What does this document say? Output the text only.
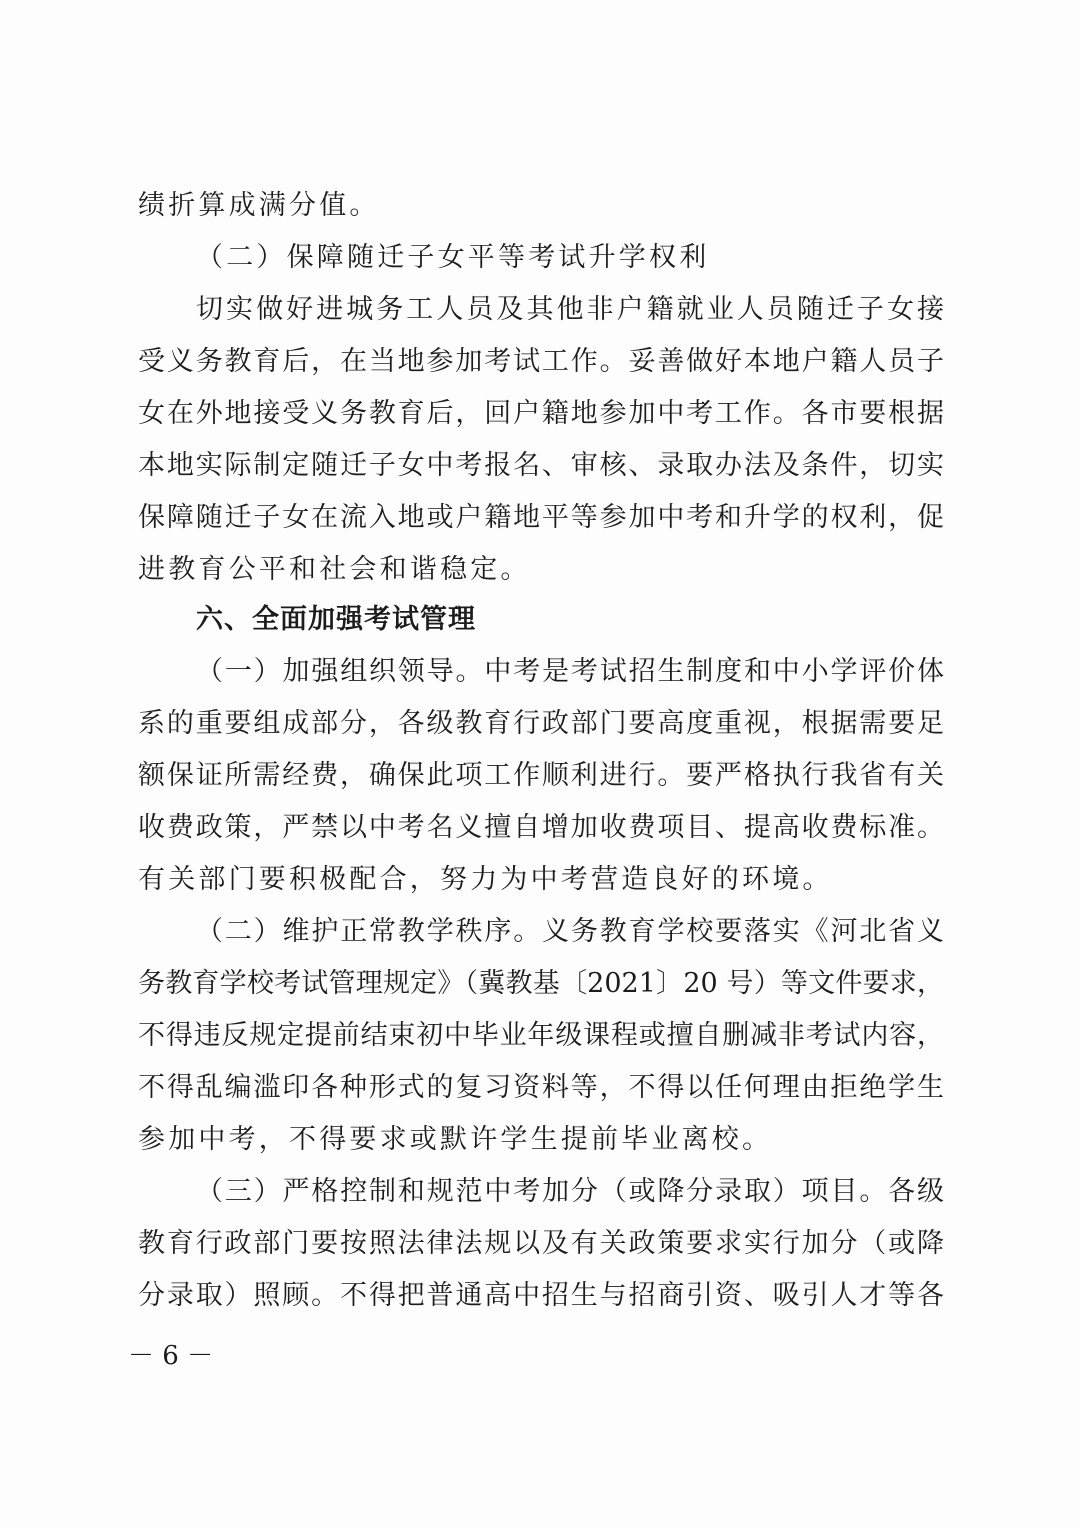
绩折算成满分值。
（二）保障随迁子女平等考试升学权利
切实做好进城务工人员及其他非户籍就业人员随迁子女接
受义务教育后，在当地参加考试工作。妥善做好本地户籍人员子
女在外地接受义务教育后，回户籍地参加中考工作。各市要根据
本地实际制定随迁子女中考报名、审核、录取办法及条件，切实
保障随迁子女在流入地或户籍地平等参加中考和升学的权利，促
进教育公平和社会和谐稳定。
六、全面加强考试管理
（一）加强组织领导。中考是考试招生制度和中小学评价体
系的重要组成部分，各级教育行政部门要高度重视，根据需要足
额保证所需经费，确保此项工作顺利进行。要严格执行我省有关
收费政策，严禁以中考名义擅自增加收费项目、提高收费标准。
有关部门要积极配合，努力为中考营造良好的环境。
（二）维护正常教学秩序。义务教育学校要落实《河北省义
务教育学校考试管理规定》（冀教基〔2021〕20 号）等文件要求，
不得违反规定提前结束初中毕业年级课程或擅自删减非考试内容，
不得乱编滥印各种形式的复习资料等，不得以任何理由拒绝学生
参加中考，不得要求或默许学生提前毕业离校。
（三）严格控制和规范中考加分（或降分录取）项目。各级
教育行政部门要按照法律法规以及有关政策要求实行加分（或降
分录取）照顾。不得把普通高中招生与招商引资、吸引人才等各
－ 6 －
